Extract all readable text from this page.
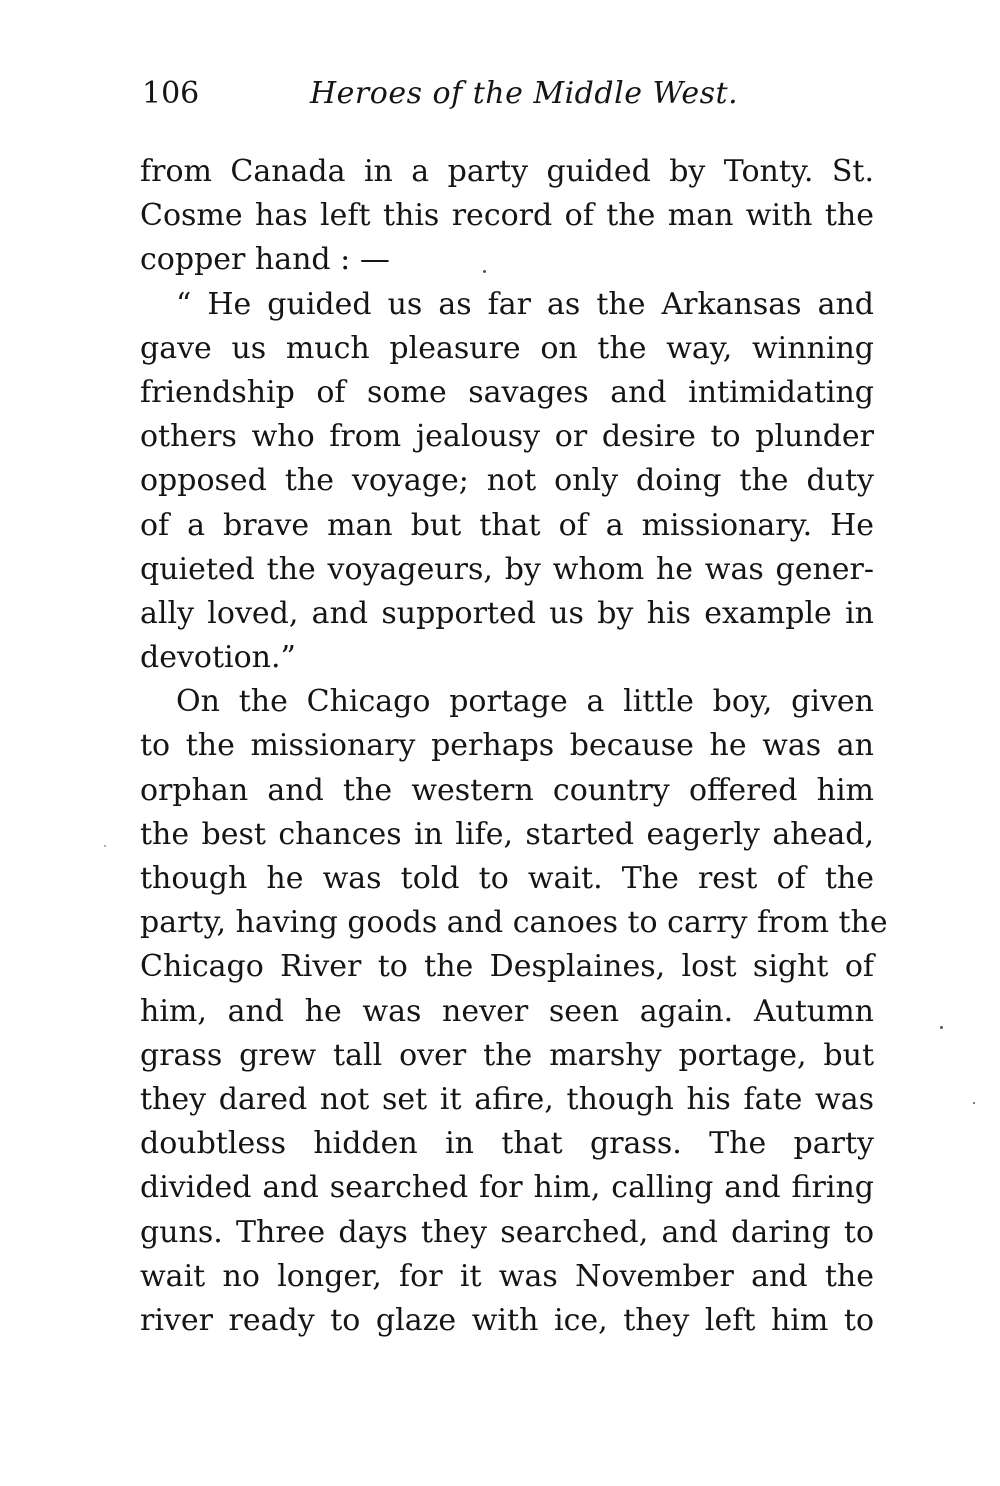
106	Heroes of the Middle West.
from Canada in a party guided by Tonty. St.
Cosme has left this record of the man with the
copper hand : —
“ He guided us as far as the Arkansas and
gave us much pleasure on the way, winning
friendship of some savages and intimidating
others who from jealousy or desire to plunder
opposed the voyage; not only doing the duty
of a brave man but that of a missionary. He
quieted the voyageurs, by whom he was gener-
ally loved, and supported us by his example in
devotion.”
On the Chicago portage a little boy, given
to the missionary perhaps because he was an
orphan and the western country offered him
the best chances in life, started eagerly ahead,
though he was told to wait. The rest of the
party, having goods and canoes to carry from the
Chicago River to the Desplaines, lost sight of
him, and he was never seen again. Autumn
grass grew tall over the marshy portage, but
they dared not set it afire, though his fate was
doubtless hidden in that grass. The party
divided and searched for him, calling and firing
guns. Three days they searched, and daring to
wait no longer, for it was November and the
river ready to glaze with ice, they left him to
